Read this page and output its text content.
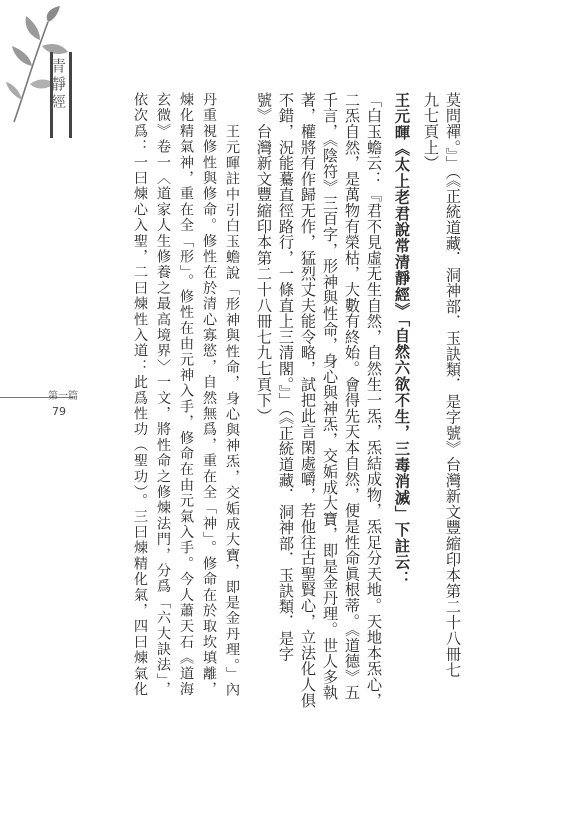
青靜經
第一篇
79	莫問禪。』」（《正統道藏．洞神部．玉訣類．是字號》台灣新文豐縮印本第二十八冊七
九七頁上）
王元暉《太上老君說常清靜經》「自然六欲不生，三毒消滅」下註云：
「白玉蟾云：『君不見虛无生自然，自然生一炁，炁結成物，炁足分天地。天地本炁心，
二炁自然，是萬物有榮枯，大數有終始。會得先天本自然，便是性命眞根蒂。《道德》五
千言，《陰符》三百字，形神與性命，身心與神炁，交姤成大寶，即是金丹理。世人多執
著，權將有作歸无作，猛烈丈夫能令略，試把此言閑處嚼，若他往古聖賢心，立法化人俱
不錯，況能驀直徑路行，一條直上三清閣。』」（《正統道藏．洞神部．玉訣類．是字
號》台灣新文豐縮印本第二十八冊七九七頁下）
王元暉註中引白玉蟾說「形神與性命，身心與神炁，交姤成大寶，即是金丹理。」內
丹重視修性與修命。修性在於清心寡慾，自然無爲，重在全「神」。修命在於取坎填離，
煉化精氣神，重在全「形」。修性在由元神入手，修命在由元氣入手。今人蕭天石《道海
玄微》卷一〈道家人生修養之最高境界〉一文，將性命之修煉法門，分爲「六大訣法」，
依次爲：一曰煉心入聖，二曰煉性入道：此爲性功（聖功）。三曰煉精化氣，四曰煉氣化
